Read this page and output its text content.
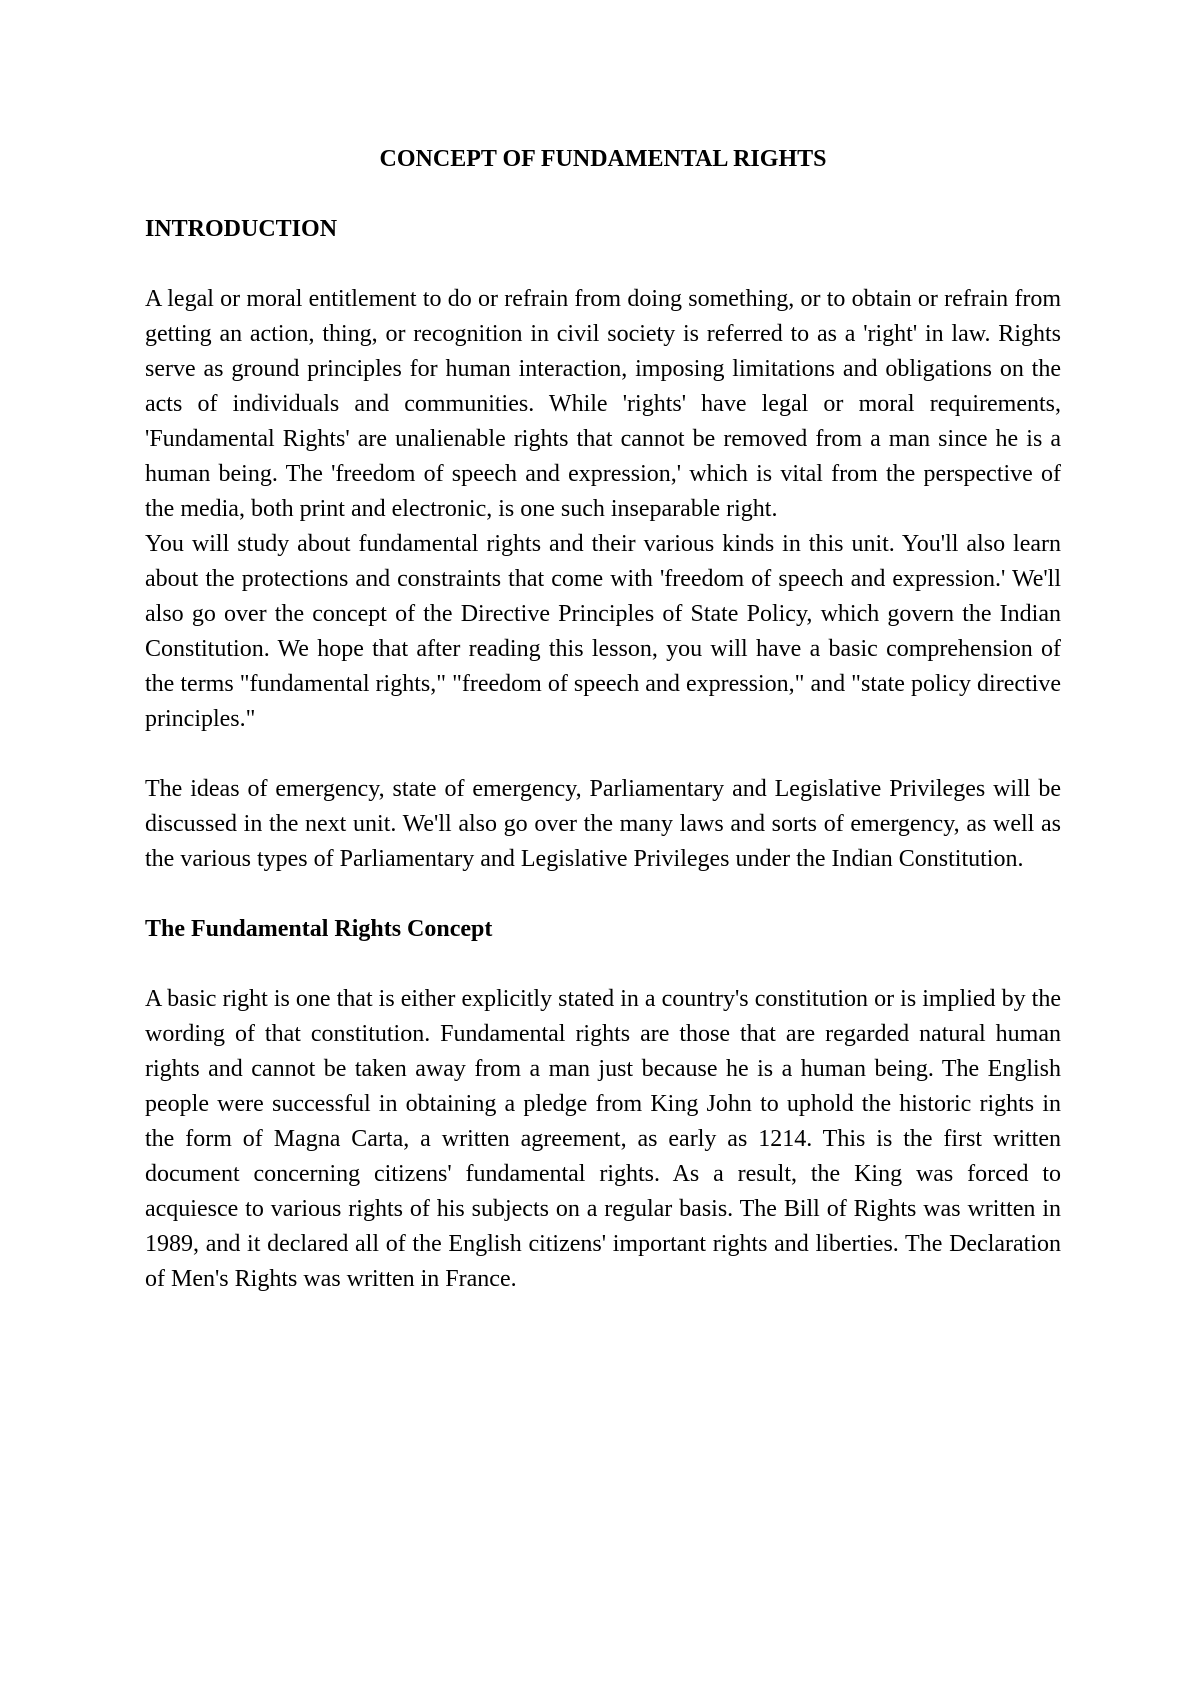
CONCEPT OF FUNDAMENTAL RIGHTS

INTRODUCTION

A legal or moral entitlement to do or refrain from doing something, or to obtain or refrain from getting an action, thing, or recognition in civil society is referred to as a 'right' in law. Rights serve as ground principles for human interaction, imposing limitations and obligations on the acts of individuals and communities. While 'rights' have legal or moral requirements, 'Fundamental Rights' are unalienable rights that cannot be removed from a man since he is a human being. The 'freedom of speech and expression,' which is vital from the perspective of the media, both print and electronic, is one such inseparable right.

You will study about fundamental rights and their various kinds in this unit. You'll also learn about the protections and constraints that come with 'freedom of speech and expression.' We'll also go over the concept of the Directive Principles of State Policy, which govern the Indian Constitution. We hope that after reading this lesson, you will have a basic comprehension of the terms "fundamental rights," "freedom of speech and expression," and "state policy directive principles."

The ideas of emergency, state of emergency, Parliamentary and Legislative Privileges will be discussed in the next unit. We'll also go over the many laws and sorts of emergency, as well as the various types of Parliamentary and Legislative Privileges under the Indian Constitution.

The Fundamental Rights Concept

A basic right is one that is either explicitly stated in a country's constitution or is implied by the wording of that constitution. Fundamental rights are those that are regarded natural human rights and cannot be taken away from a man just because he is a human being. The English people were successful in obtaining a pledge from King John to uphold the historic rights in the form of Magna Carta, a written agreement, as early as 1214. This is the first written document concerning citizens' fundamental rights. As a result, the King was forced to acquiesce to various rights of his subjects on a regular basis. The Bill of Rights was written in 1989, and it declared all of the English citizens' important rights and liberties. The Declaration of Men's Rights was written in France.
